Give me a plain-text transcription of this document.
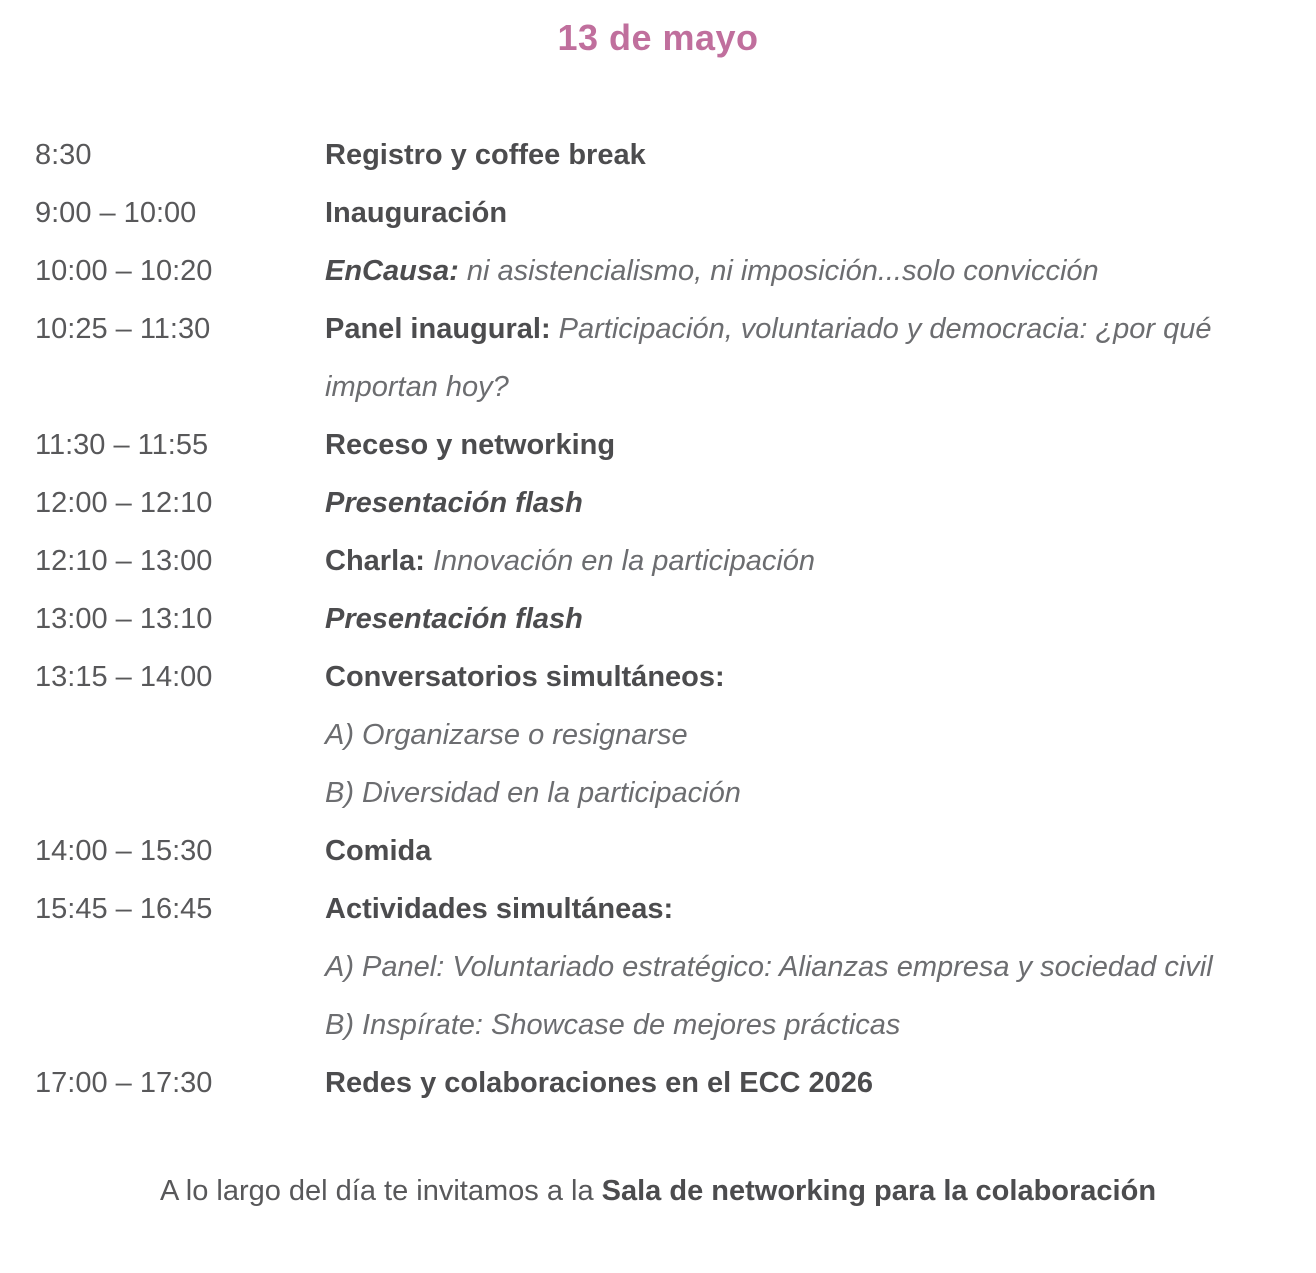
13 de mayo
8:30	Registro y coffee break
9:00 – 10:00	Inauguración
10:00 – 10:20	EnCausa: ni asistencialismo, ni imposición...solo convicción
10:25 – 11:30	Panel inaugural: Participación, voluntariado y democracia: ¿por qué importan hoy?
11:30 – 11:55	Receso y networking
12:00 – 12:10	Presentación flash
12:10 – 13:00	Charla: Innovación en la participación
13:00 – 13:10	Presentación flash
13:15 – 14:00	Conversatorios simultáneos:
A) Organizarse o resignarse
B) Diversidad en la participación
14:00 – 15:30	Comida
15:45 – 16:45	Actividades simultáneas:
A) Panel: Voluntariado estratégico: Alianzas empresa y sociedad civil
B) Inspírate: Showcase de mejores prácticas
17:00 – 17:30	Redes y colaboraciones en el ECC 2026
A lo largo del día te invitamos a la Sala de networking para la colaboración
